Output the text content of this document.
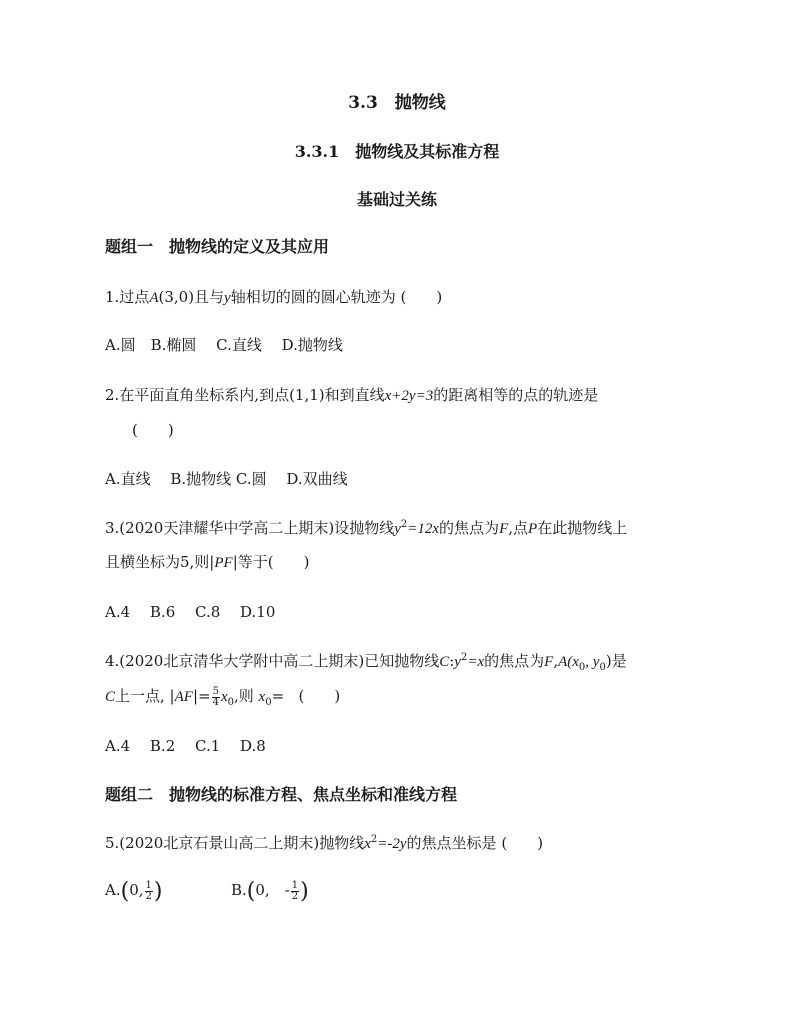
3.3　抛物线
3.3.1　抛物线及其标准方程
基础过关练
题组一　抛物线的定义及其应用
1.过点A(3,0)且与y轴相切的圆的圆心轨迹为 (　　)
A.圆　B.椭圆　 C.直线　 D.抛物线
2.在平面直角坐标系内,到点(1,1)和到直线x+2y=3的距离相等的点的轨迹是
(　　)
A.直线　 B.抛物线 C.圆　 D.双曲线
3.(2020天津耀华中学高二上期末)设抛物线$y^2=12x$的焦点为F,点P在此抛物线上
且横坐标为5,则|PF|等于(　　)
A.4　 B.6　 C.8　 D.10
4.(2020北京清华大学附中高二上期末)已知抛物线$C:y^2=x$的焦点为$F,A(x_0$, $y_0$)是
C上一点, $|AF|= \frac{5}{4} x_0$,则 $x_0=$ (　　)
A.4　 B.2　 C.1　 D.8
题组二　抛物线的标准方程、焦点坐标和准线方程
5.(2020北京石景山高二上期末)抛物线$x^2=-2y$的焦点坐标是 (　　)
A.(0, $\frac{1}{2}$ )	B.(0,　- $\frac{1}{2}$ )
